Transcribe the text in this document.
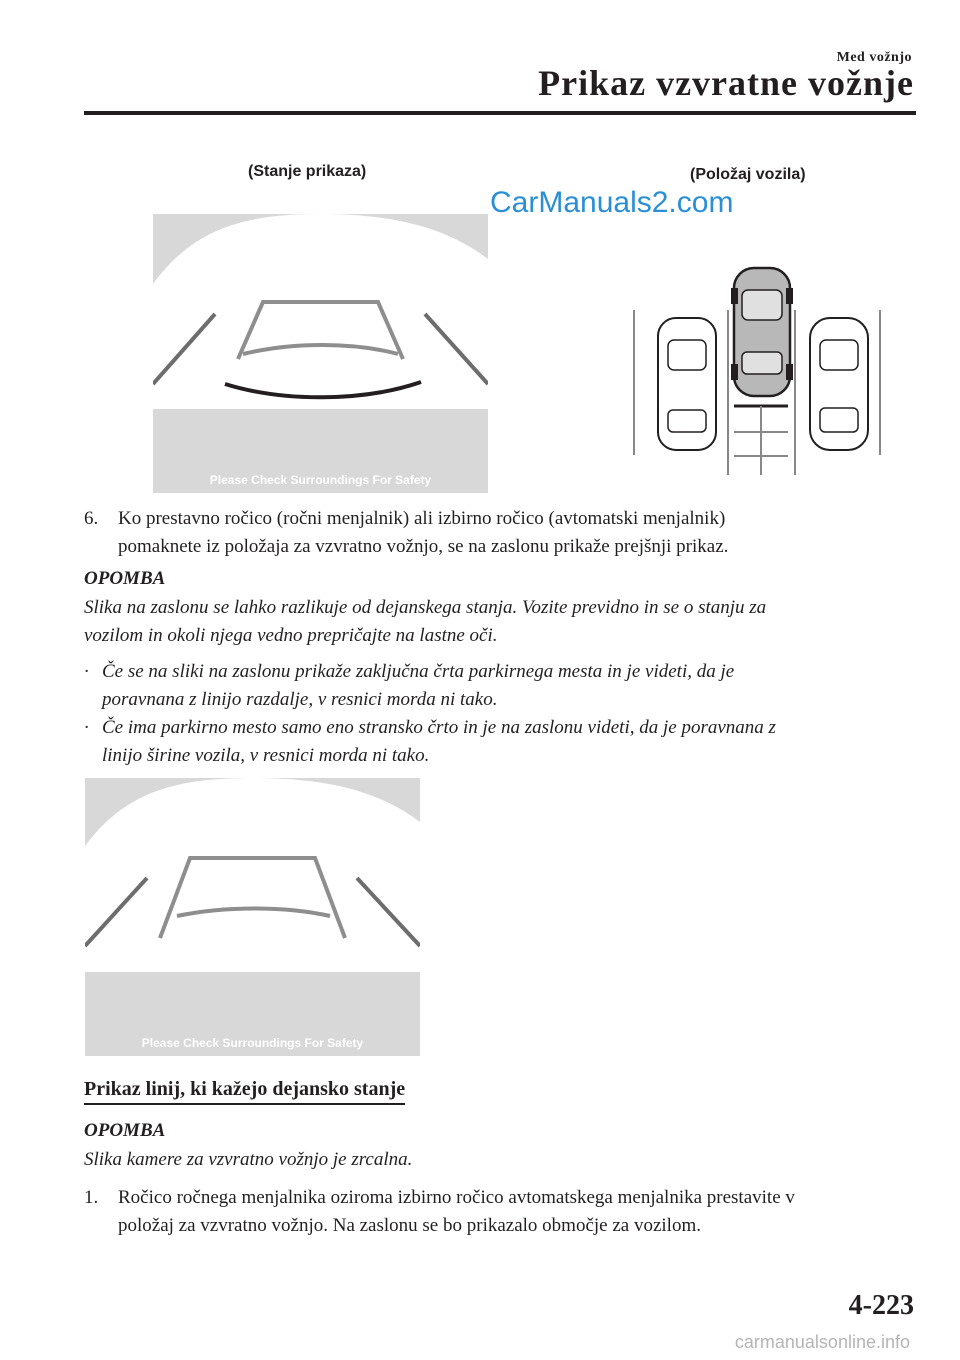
Med vožnjo
Prikaz vzvratne vožnje
(Stanje prikaza)	(Položaj vozila)
CarManuals2.com
Please Check Surroundings For Safety
6. Ko prestavno ročico (ročni menjalnik) ali izbirno ročico (avtomatski menjalnik)
pomaknete iz položaja za vzvratno vožnjo, se na zaslonu prikaže prejšnji prikaz.
OPOMBA
Slika na zaslonu se lahko razlikuje od dejanskega stanja. Vozite previdno in se o stanju za
vozilom in okoli njega vedno prepričajte na lastne oči.
· Če se na sliki na zaslonu prikaže zaključna črta parkirnega mesta in je videti, da je
poravnana z linijo razdalje, v resnici morda ni tako.
· Če ima parkirno mesto samo eno stransko črto in je na zaslonu videti, da je poravnana z
linijo širine vozila, v resnici morda ni tako.
Please Check Surroundings For Safety
Prikaz linij, ki kažejo dejansko stanje
OPOMBA
Slika kamere za vzvratno vožnjo je zrcalna.
1. Ročico ročnega menjalnika oziroma izbirno ročico avtomatskega menjalnika prestavite v
položaj za vzvratno vožnjo. Na zaslonu se bo prikazalo območje za vozilom.
4-223
carmanualsonline.info
